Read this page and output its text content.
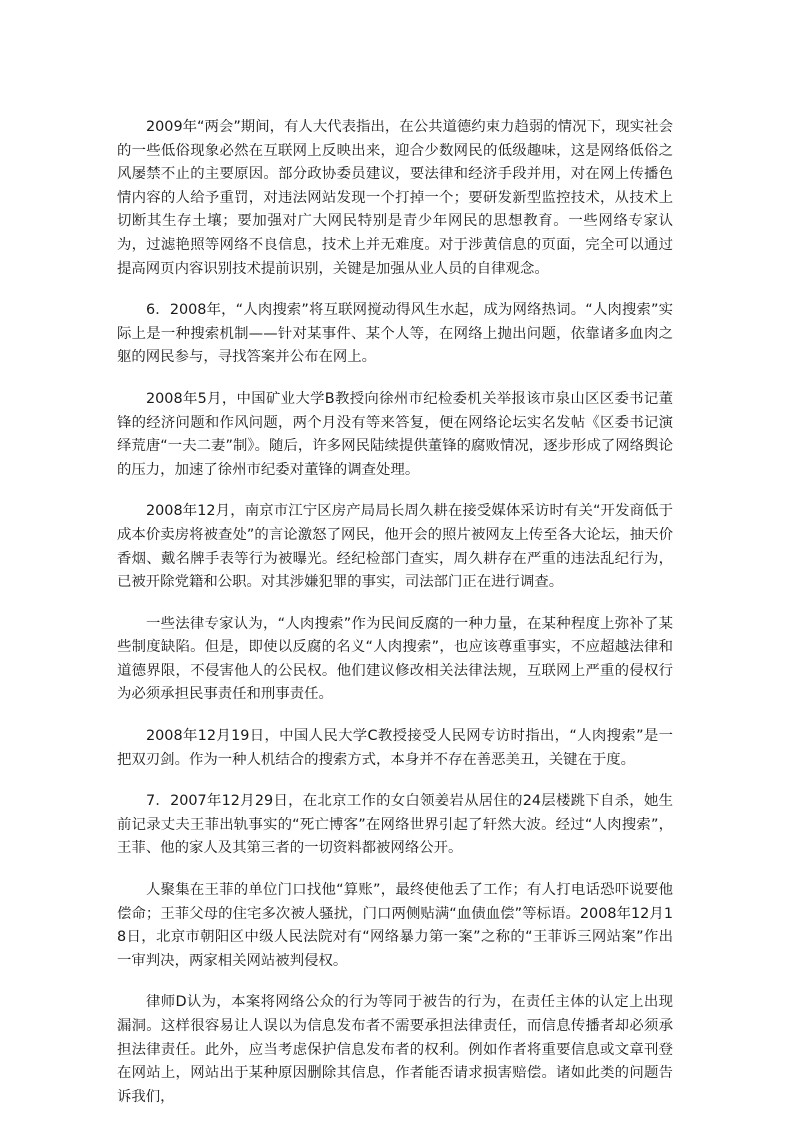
2009年“两会”期间，有人大代表指出，在公共道德约束力趋弱的情况下，现实社会的一些低俗现象必然在互联网上反映出来，迎合少数网民的低级趣味，这是网络低俗之风屡禁不止的主要原因。部分政协委员建议，要法律和经济手段并用，对在网上传播色情内容的人给予重罚，对违法网站发现一个打掉一个；要研发新型监控技术，从技术上切断其生存土壤；要加强对广大网民特别是青少年网民的思想教育。一些网络专家认为，过滤艳照等网络不良信息，技术上并无难度。对于涉黄信息的页面，完全可以通过提高网页内容识别技术提前识别，关键是加强从业人员的自律观念。

6．2008年，“人肉搜索”将互联网搅动得风生水起，成为网络热词。“人肉搜索”实际上是一种搜索机制——针对某事件、某个人等，在网络上抛出问题，依靠诸多血肉之躯的网民参与，寻找答案并公布在网上。

2008年5月，中国矿业大学B教授向徐州市纪检委机关举报该市泉山区区委书记董锋的经济问题和作风问题，两个月没有等来答复，便在网络论坛实名发帖《区委书记演绎荒唐“一夫二妻”制》。随后，许多网民陆续提供董锋的腐败情况，逐步形成了网络舆论的压力，加速了徐州市纪委对董锋的调查处理。

2008年12月，南京市江宁区房产局局长周久耕在接受媒体采访时有关“开发商低于成本价卖房将被查处”的言论激怒了网民，他开会的照片被网友上传至各大论坛，抽天价香烟、戴名牌手表等行为被曝光。经纪检部门查实，周久耕存在严重的违法乱纪行为，已被开除党籍和公职。对其涉嫌犯罪的事实，司法部门正在进行调查。

一些法律专家认为，“人肉搜索”作为民间反腐的一种力量，在某种程度上弥补了某些制度缺陷。但是，即使以反腐的名义“人肉搜索”，也应该尊重事实，不应超越法律和道德界限，不侵害他人的公民权。他们建议修改相关法律法规，互联网上严重的侵权行为必须承担民事责任和刑事责任。

2008年12月19日，中国人民大学C教授接受人民网专访时指出，“人肉搜索”是一把双刃剑。作为一种人机结合的搜索方式，本身并不存在善恶美丑，关键在于度。

7．2007年12月29日，在北京工作的女白领姜岩从居住的24层楼跳下自杀，她生前记录丈夫王菲出轨事实的“死亡博客”在网络世界引起了轩然大波。经过“人肉搜索”，王菲、他的家人及其第三者的一切资料都被网络公开。

人聚集在王菲的单位门口找他“算账”，最终使他丢了工作；有人打电话恐吓说要他偿命；王菲父母的住宅多次被人骚扰，门口两侧贴满“血债血偿”等标语。2008年12月18日，北京市朝阳区中级人民法院对有“网络暴力第一案”之称的“王菲诉三网站案”作出一审判决，两家相关网站被判侵权。

律师D认为，本案将网络公众的行为等同于被告的行为，在责任主体的认定上出现漏洞。这样很容易让人误以为信息发布者不需要承担法律责任，而信息传播者却必须承担法律责任。此外，应当考虑保护信息发布者的权利。例如作者将重要信息或文章刊登在网站上，网站出于某种原因删除其信息，作者能否请求损害赔偿。诸如此类的问题告诉我们，
